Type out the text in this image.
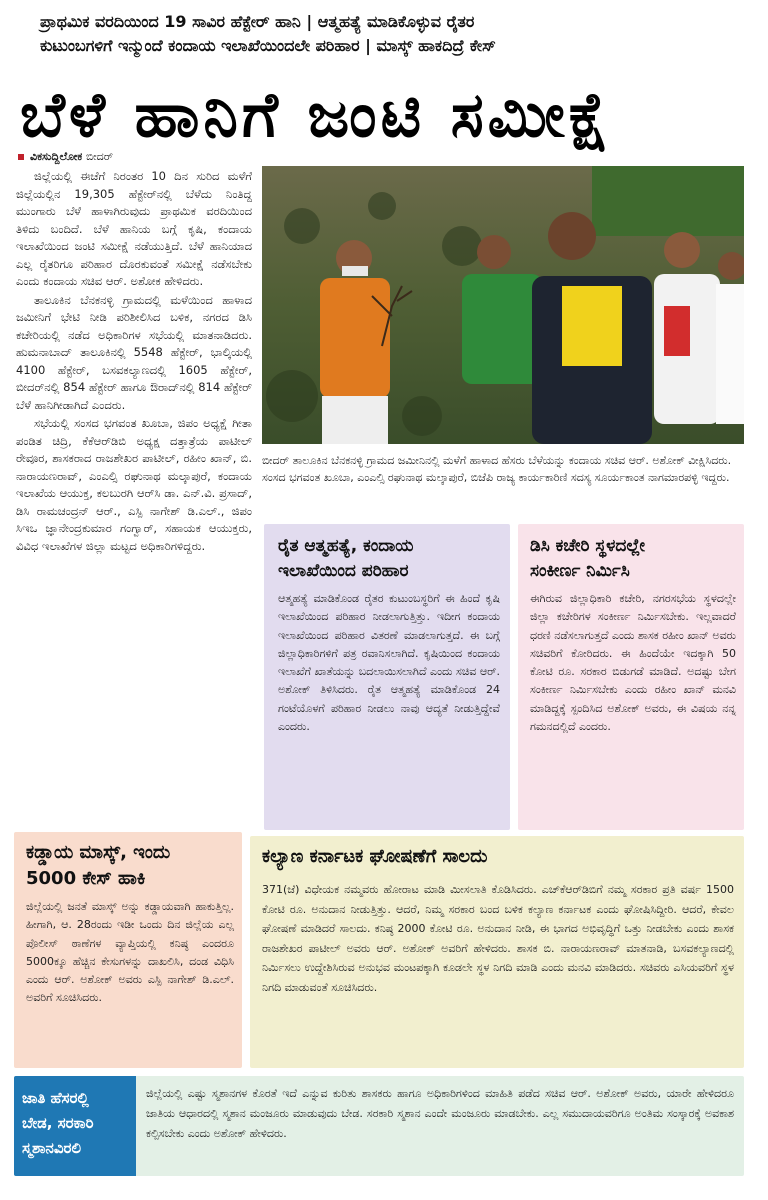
ಪ್ರಾಥಮಿಕ ವರದಿಯಿಂದ 19 ಸಾವಿರ ಹೆಕ್ಟೇರ್ ಹಾನಿ | ಆತ್ಮಹತ್ಯೆ ಮಾಡಿಕೊಳ್ಳುವ ರೈತರ
ಕುಟುಂಬಗಳಿಗೆ ಇನ್ಮುಂದೆ ಕಂದಾಯ ಇಲಾಖೆಯಿಂದಲೇ ಪರಿಹಾರ | ಮಾಸ್ಕ್ ಹಾಕದಿದ್ರೆ ಕೇಸ್
ಬೆಳೆ ಹಾನಿಗೆ ಜಂಟಿ ಸಮೀಕ್ಷೆ
ವಿಕಸುದ್ದಿಲೋಕ ಬೀದರ್

ಜಿಲ್ಲೆಯಲ್ಲಿ ಈಚೆಗೆ ನಿರಂತರ 10 ದಿನ ಸುರಿದ ಮಳೆಗೆ ಜಿಲ್ಲೆಯಲ್ಲಿನ 19,305 ಹೆಕ್ಟೇರ್‌ನಲ್ಲಿ ಬೆಳೆದು ನಿಂತಿದ್ದ ಮುಂಗಾರು ಬೆಳೆ ಹಾಳಾಗಿರುವುದು ಪ್ರಾಥಮಿಕ ವರದಿಯಿಂದ ತಿಳಿದು ಬಂದಿದೆ. ಬೆಳೆ ಹಾನಿಯ ಬಗ್ಗೆ ಕೃಷಿ, ಕಂದಾಯ ಇಲಾಖೆಯಿಂದ ಜಂಟಿ ಸಮೀಕ್ಷೆ ನಡೆಯುತ್ತಿದೆ. ಬೆಳೆ ಹಾನಿಯಾದ ಎಲ್ಲ ರೈತರಿಗೂ ಪರಿಹಾರ ದೊರಕುವಂತೆ ಸಮೀಕ್ಷೆ ನಡೆಸಬೇಕು ಎಂದು ಕಂದಾಯ ಸಚಿವ ಆರ್. ಅಶೋಕ ಹೇಳಿದರು.

ತಾಲೂಕಿನ ಬೆನಕನಳ್ಳಿ ಗ್ರಾಮದಲ್ಲಿ ಮಳೆಯಿಂದ ಹಾಳಾದ ಜಮೀನಿಗೆ ಭೇಟಿ ನೀಡಿ ಪರಿಶೀಲಿಸಿದ ಬಳಿಕ, ನಗರದ ಡಿಸಿ ಕಚೇರಿಯಲ್ಲಿ ನಡೆದ ಅಧಿಕಾರಿಗಳ ಸಭೆಯಲ್ಲಿ ಮಾತನಾಡಿದರು. ಹುಮನಾಬಾದ್ ತಾಲೂಕಿನಲ್ಲಿ 5548 ಹೆಕ್ಟೇರ್, ಭಾಲ್ಕಿಯಲ್ಲಿ 4100 ಹೆಕ್ಟೇರ್, ಬಸವಕಲ್ಯಾಣದಲ್ಲಿ 1605 ಹೆಕ್ಟೇರ್, ಬೀದರ್‌ನಲ್ಲಿ 854 ಹೆಕ್ಟೇರ್ ಹಾಗೂ ಔರಾದ್‌ನಲ್ಲಿ 814 ಹೆಕ್ಟೇರ್ ಬೆಳೆ ಹಾನಿಗೀಡಾಗಿದೆ ಎಂದರು.

ಸಭೆಯಲ್ಲಿ ಸಂಸದ ಭಗವಂತ ಖೂಬಾ, ಜಿಪಂ ಅಧ್ಯಕ್ಷೆ ಗೀತಾ ಪಂಡಿತ ಚಿದ್ರಿ, ಕೆಕೆಆರ್‌ಡಿಬಿ ಅಧ್ಯಕ್ಷ ದತ್ತಾತ್ರೆಯ ಪಾಟೀಲ್ ರೇವೂರ, ಶಾಸಕರಾದ ರಾಜಶೇಖರ ಪಾಟೀಲ್, ರಹೀಂ ಖಾನ್, ಬಿ. ನಾರಾಯಣರಾವ್, ಎಂಎಲ್ಸಿ ರಘುನಾಥ ಮಲ್ಕಾಪುರೆ, ಕಂದಾಯ ಇಲಾಖೆಯ ಆಯುಕ್ತ, ಕಲಬುರಗಿ ಆರ್‌ಸಿ ಡಾ. ಎನ್.ವಿ. ಪ್ರಸಾದ್, ಡಿಸಿ ರಾಮಚಂದ್ರನ್ ಆರ್., ಎಸ್ಪಿ ನಾಗೇಶ್ ಡಿ.ಎಲ್., ಜಿಪಂ ಸಿಇಒ ಜ್ಞಾನೇಂದ್ರಕುಮಾರ ಗಂಗ್ವಾರ್, ಸಹಾಯಕ ಆಯುಕ್ತರು, ವಿವಿಧ ಇಲಾಖೆಗಳ ಜಿಲ್ಲಾ ಮಟ್ಟದ ಅಧಿಕಾರಿಗಳಿದ್ದರು.

ಬೀದರ್ ತಾಲೂಕಿನ ಬೆನಕನಳ್ಳಿ ಗ್ರಾಮದ ಜಮೀನಿನಲ್ಲಿ ಮಳೆಗೆ ಹಾಳಾದ ಹೆಸರು ಬೆಳೆಯನ್ನು ಕಂದಾಯ ಸಚಿವ ಆರ್. ಅಶೋಕ್ ವೀಕ್ಷಿಸಿದರು. ಸಂಸದ ಭಗವಂತ ಖೂಬಾ, ಎಂಎಲ್ಸಿ ರಘುನಾಥ ಮಲ್ಕಾಪುರೆ, ಬಿಜೆಪಿ ರಾಜ್ಯ ಕಾರ್ಯಕಾರಿಣಿ ಸದಸ್ಯ ಸೂರ್ಯಕಾಂತ ನಾಗಮಾರಪಳ್ಳಿ ಇದ್ದರು.
ರೈತ ಆತ್ಮಹತ್ಯೆ, ಕಂದಾಯ
ಇಲಾಖೆಯಿಂದ ಪರಿಹಾರ
ಆತ್ಮಹತ್ಯೆ ಮಾಡಿಕೊಂಡ ರೈತರ ಕುಟುಂಬಸ್ಥರಿಗೆ ಈ ಹಿಂದೆ ಕೃಷಿ ಇಲಾಖೆಯಿಂದ ಪರಿಹಾರ ನೀಡಲಾಗುತ್ತಿತ್ತು. ಇದೀಗ ಕಂದಾಯ ಇಲಾಖೆಯಿಂದ ಪರಿಹಾರ ವಿತರಣೆ ಮಾಡಲಾಗುತ್ತದೆ. ಈ ಬಗ್ಗೆ ಜಿಲ್ಲಾಧಿಕಾರಿಗಳಿಗೆ ಪತ್ರ ರವಾನಿಸಲಾಗಿದೆ. ಕೃಷಿಯಿಂದ ಕಂದಾಯ ಇಲಾಖೆಗೆ ಖಾತೆಯನ್ನು ಬದಲಾಯಿಸಲಾಗಿದೆ ಎಂದು ಸಚಿವ ಆರ್. ಅಶೋಕ್ ತಿಳಿಸಿದರು. ರೈತ ಆತ್ಮಹತ್ಯೆ ಮಾಡಿಕೊಂಡ 24 ಗಂಟೆಯೊಳಗೆ ಪರಿಹಾರ ನೀಡಲು ನಾವು ಆದ್ಯತೆ ನೀಡುತ್ತಿದ್ದೇವೆ ಎಂದರು.
ಡಿಸಿ ಕಚೇರಿ ಸ್ಥಳದಲ್ಲೇ
ಸಂಕೀರ್ಣ ನಿರ್ಮಿಸಿ
ಈಗಿರುವ ಜಿಲ್ಲಾಧಿಕಾರಿ ಕಚೇರಿ, ನಗರಸಭೆಯ ಸ್ಥಳದಲ್ಲೇ ಜಿಲ್ಲಾ ಕಚೇರಿಗಳ ಸಂಕೀರ್ಣ ನಿರ್ಮಿಸಬೇಕು. ಇಲ್ಲವಾದರೆ ಧರಣಿ ನಡೆಸಲಾಗುತ್ತದೆ ಎಂದು ಶಾಸಕ ರಹೀಂ ಖಾನ್ ಅವರು ಸಚಿವರಿಗೆ ಕೋರಿದರು. ಈ ಹಿಂದೆಯೇ ಇದಕ್ಕಾಗಿ 50 ಕೋಟಿ ರೂ. ಸರಕಾರ ಬಿಡುಗಡೆ ಮಾಡಿದೆ. ಅದಷ್ಟು ಬೇಗ ಸಂಕೀರ್ಣ ನಿರ್ಮಿಸಬೇಕು ಎಂದು ರಹೀಂ ಖಾನ್ ಮನವಿ ಮಾಡಿದ್ದಕ್ಕೆ ಸ್ಪಂದಿಸಿದ ಅಶೋಕ್ ಅವರು, ಈ ವಿಷಯ ನನ್ನ ಗಮನದಲ್ಲಿದೆ ಎಂದರು.
ಕಡ್ಡಾಯ ಮಾಸ್ಕ್, ಇಂದು
5000 ಕೇಸ್ ಹಾಕಿ
ಜಿಲ್ಲೆಯಲ್ಲಿ ಜನತೆ ಮಾಸ್ಕ್ ಅನ್ನು ಕಡ್ಡಾಯವಾಗಿ ಹಾಕುತ್ತಿಲ್ಲ. ಹೀಗಾಗಿ, ಆ. 28ರಂದು ಇಡೀ ಒಂದು ದಿನ ಜಿಲ್ಲೆಯ ಎಲ್ಲ ಪೊಲೀಸ್ ಠಾಣೆಗಳ ವ್ಯಾಪ್ತಿಯಲ್ಲಿ ಕನಿಷ್ಠ ಎಂದರೂ 5000ಕ್ಕೂ ಹೆಚ್ಚಿನ ಕೇಸುಗಳನ್ನು ದಾಖಲಿಸಿ, ದಂಡ ವಿಧಿಸಿ ಎಂದು ಆರ್. ಅಶೋಕ್ ಅವರು ಎಸ್ಪಿ ನಾಗೇಶ್ ಡಿ.ಎಲ್. ಅವರಿಗೆ ಸೂಚಿಸಿದರು.
ಕಲ್ಯಾಣ ಕರ್ನಾಟಕ ಘೋಷಣೆಗೆ ಸಾಲದು
371(ಜೆ) ವಿಧೇಯಕ ನಮ್ಮವರು ಹೋರಾಟ ಮಾಡಿ ಮೀಸಲಾತಿ ಕೊಡಿಸಿದರು. ಎಚ್‌ಕೆಆರ್‌ಡಿಬಿಗೆ ನಮ್ಮ ಸರಕಾರ ಪ್ರತಿ ವರ್ಷ 1500 ಕೋಟಿ ರೂ. ಅನುದಾನ ನೀಡುತ್ತಿತ್ತು. ಆದರೆ, ನಿಮ್ಮ ಸರಕಾರ ಬಂದ ಬಳಿಕ ಕಲ್ಯಾಣ ಕರ್ನಾಟಕ ಎಂದು ಘೋಷಿಸಿದ್ದೀರಿ. ಆದರೆ, ಕೇವಲ ಘೋಷಣೆ ಮಾಡಿದರೆ ಸಾಲದು. ಕನಿಷ್ಠ 2000 ಕೋಟಿ ರೂ. ಅನುದಾನ ನೀಡಿ, ಈ ಭಾಗದ ಅಭಿವೃದ್ಧಿಗೆ ಒತ್ತು ನೀಡಬೇಕು ಎಂದು ಶಾಸಕ ರಾಜಶೇಖರ ಪಾಟೀಲ್ ಅವರು ಆರ್. ಅಶೋಕ್ ಅವರಿಗೆ ಹೇಳಿದರು. ಶಾಸಕ ಬಿ. ನಾರಾಯಣರಾವ್ ಮಾತನಾಡಿ, ಬಸವಕಲ್ಯಾಣದಲ್ಲಿ ನಿರ್ಮಿಸಲು ಉದ್ದೇಶಿಸಿರುವ ಅನುಭವ ಮಂಟಪಕ್ಕಾಗಿ ಕೂಡಲೇ ಸ್ಥಳ ನಿಗದಿ ಮಾಡಿ ಎಂದು ಮನವಿ ಮಾಡಿದರು. ಸಚಿವರು ಎಸಿಯವರಿಗೆ ಸ್ಥಳ ನಿಗದಿ ಮಾಡುವಂತೆ ಸೂಚಿಸಿದರು.
ಜಾತಿ ಹೆಸರಲ್ಲಿ
ಬೇಡ, ಸರಕಾರಿ
ಸ್ಮಶಾನವಿರಲಿ
ಜಿಲ್ಲೆಯಲ್ಲಿ ಎಷ್ಟು ಸ್ಮಶಾನಗಳ ಕೊರತೆ ಇದೆ ಎನ್ನುವ ಕುರಿತು ಶಾಸಕರು ಹಾಗೂ ಅಧಿಕಾರಿಗಳಿಂದ ಮಾಹಿತಿ ಪಡೆದ ಸಚಿವ ಆರ್. ಅಶೋಕ್ ಅವರು, ಯಾರೇ ಹೇಳಿದರೂ ಜಾತಿಯ ಆಧಾರದಲ್ಲಿ ಸ್ಮಶಾನ ಮಂಜೂರು ಮಾಡುವುದು ಬೇಡ. ಸರಕಾರಿ ಸ್ಮಶಾನ ಎಂದೇ ಮಂಜೂರು ಮಾಡಬೇಕು. ಎಲ್ಲ ಸಮುದಾಯವರಿಗೂ ಅಂತಿಮ ಸಂಸ್ಕಾರಕ್ಕೆ ಅವಕಾಶ ಕಲ್ಪಿಸಬೇಕು ಎಂದು ಅಶೋಕ್ ಹೇಳಿದರು.
